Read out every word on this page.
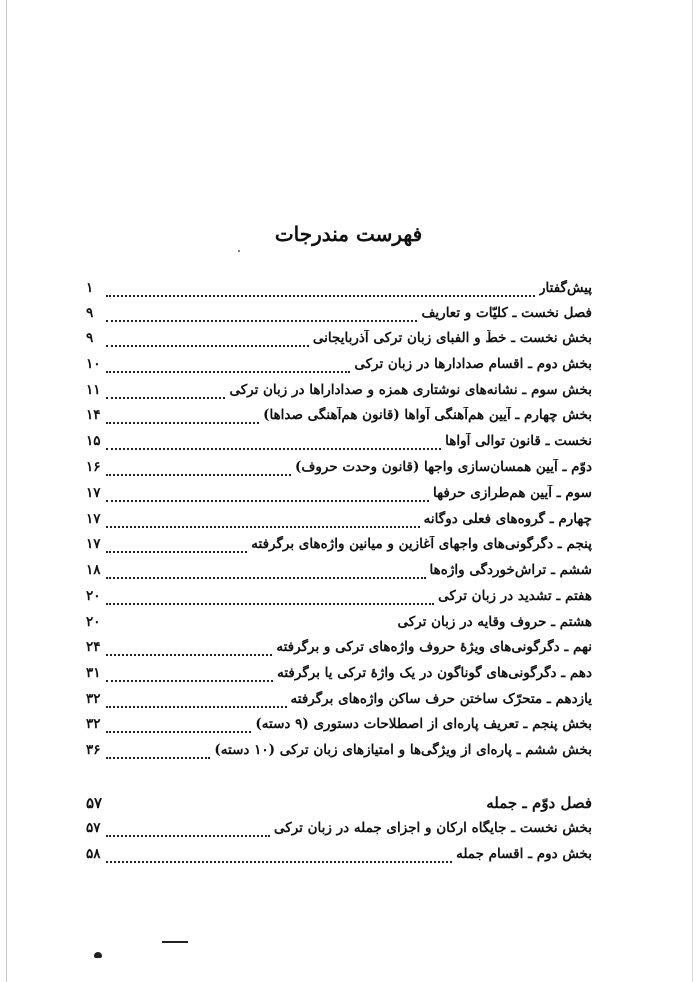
فهرست مندرجات
پیش‌گفتار
۱
فصل نخست ـ کلیّات و تعاریف
۹
بخش نخست ـ خطّ و الفبای زبان ترکی آذربایجانی
۹
بخش دوم ـ اقسام صدادارها در زبان ترکی
۱۰
بخش سوم ـ نشانه‌های نوشتاری همزه و صداداراها در زبان ترکی
۱۱
بخش چهارم ـ آیین هم‌آهنگی آواها (قانون هم‌آهنگی صداها)
۱۴
نخست ـ قانون توالی آواها
۱۵
دوّم ـ آیین همسان‌سازی واجها (قانون وحدت حروف)
۱۶
سوم ـ آیین هم‌طرازی حرفها
۱۷
چهارم ـ گروه‌های فعلی دوگانه
۱۷
پنجم ـ دگرگونی‌های واجهای آغازین و میانین واژه‌های برگرفته
۱۷
ششم ـ تراش‌خوردگی واژه‌ها
۱۸
هفتم ـ تشدید در زبان ترکی
۲۰
هشتم ـ حروف وقایه در زبان ترکی
۲۰
نهم ـ دگرگونی‌های ویژهٔ حروف واژه‌های ترکی و برگرفته
۲۴
دهم ـ دگرگونی‌های گوناگون در یک واژهٔ ترکی یا برگرفته
۳۱
یازدهم ـ متحرّک ساختن حرف ساکن واژه‌های برگرفته
۳۲
بخش پنجم ـ تعریف پاره‌ای از اصطلاحات دستوری (۹ دسته)
۳۲
بخش ششم ـ پاره‌ای از ویژگی‌ها و امتیازهای زبان ترکی (۱۰ دسته)
۳۶
فصل دوّم ـ جمله
۵۷
بخش نخست ـ جایگاه ارکان و اجزای جمله در زبان ترکی
۵۷
بخش دوم ـ اقسام جمله
۵۸
